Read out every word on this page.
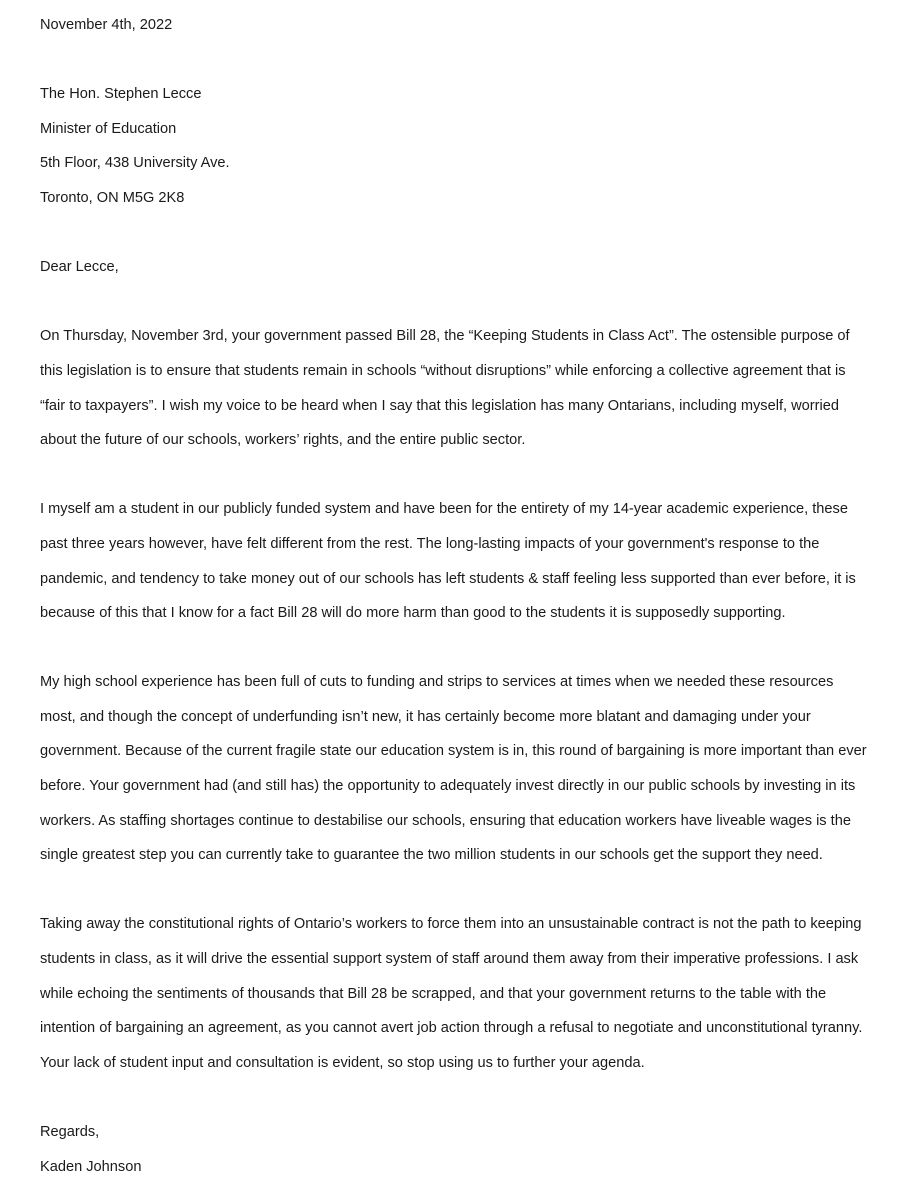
November 4th, 2022
The Hon. Stephen Lecce
Minister of Education
5th Floor, 438 University Ave.
Toronto, ON M5G 2K8
Dear Lecce,
On Thursday, November 3rd, your government passed Bill 28, the “Keeping Students in Class Act”. The ostensible purpose of
this legislation is to ensure that students remain in schools “without disruptions” while enforcing a collective agreement that is
“fair to taxpayers”. I wish my voice to be heard when I say that this legislation has many Ontarians, including myself, worried
about the future of our schools, workers’ rights, and the entire public sector.
I myself am a student in our publicly funded system and have been for the entirety of my 14-year academic experience, these
past three years however, have felt different from the rest. The long-lasting impacts of your government's response to the
pandemic, and tendency to take money out of our schools has left students & staff feeling less supported than ever before, it is
because of this that I know for a fact Bill 28 will do more harm than good to the students it is supposedly supporting.
My high school experience has been full of cuts to funding and strips to services at times when we needed these resources
most, and though the concept of underfunding isn’t new, it has certainly become more blatant and damaging under your
government. Because of the current fragile state our education system is in, this round of bargaining is more important than ever
before. Your government had (and still has) the opportunity to adequately invest directly in our public schools by investing in its
workers. As staffing shortages continue to destabilise our schools, ensuring that education workers have liveable wages is the
single greatest step you can currently take to guarantee the two million students in our schools get the support they need.
Taking away the constitutional rights of Ontario’s workers to force them into an unsustainable contract is not the path to keeping
students in class, as it will drive the essential support system of staff around them away from their imperative professions. I ask
while echoing the sentiments of thousands that Bill 28 be scrapped, and that your government returns to the table with the
intention of bargaining an agreement, as you cannot avert job action through a refusal to negotiate and unconstitutional tyranny.
Your lack of student input and consultation is evident, so stop using us to further your agenda.
Regards,
Kaden Johnson
